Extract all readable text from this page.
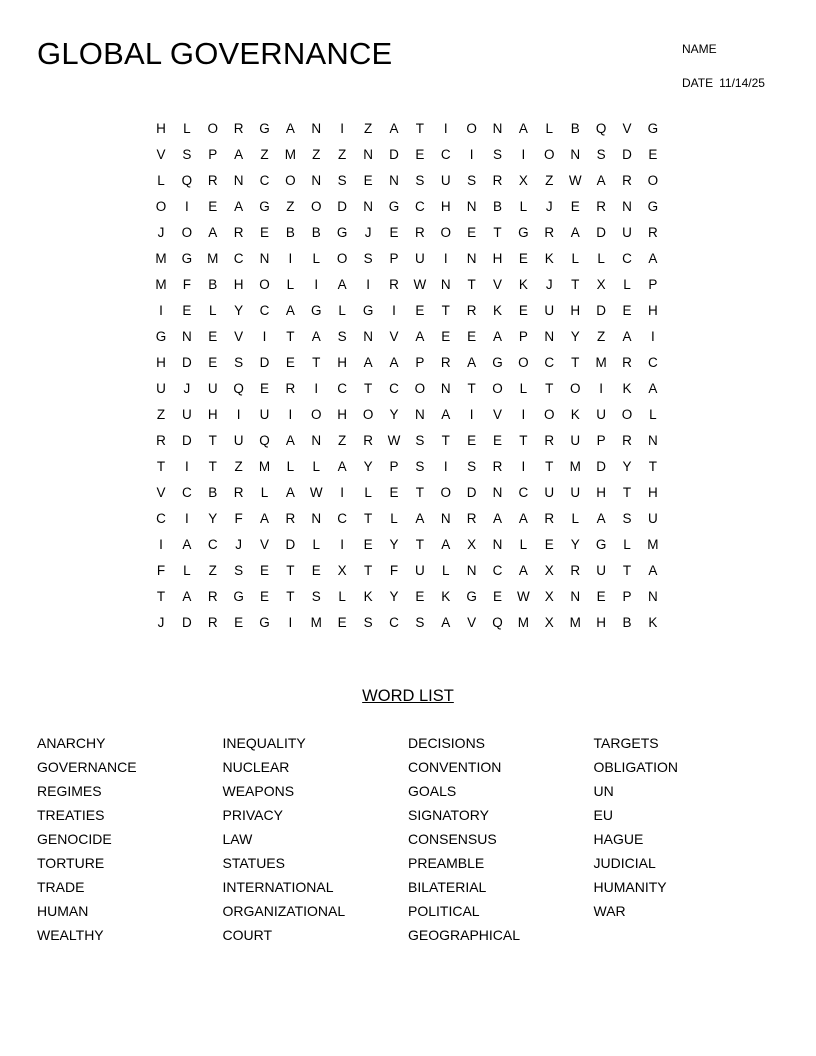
GLOBAL GOVERNANCE	NAME
DATE 11/14/25
H	L	O	R	G	A	N	I	Z	A	T	I	O	N	A	L	B	Q	V	G
V	S	P	A	Z	M	Z	Z	N	D	E	C	I	S	I	O	N	S	D	E
L	Q	R	N	C	O	N	S	E	N	S	U	S	R	X	Z	W	A	R	O
O	I	E	A	G	Z	O	D	N	G	C	H	N	B	L	J	E	R	N	G
J	O	A	R	E	B	B	G	J	E	R	O	E	T	G	R	A	D	U	R
M	G	M	C	N	I	L	O	S	P	U	I	N	H	E	K	L	L	C	A
M	F	B	H	O	L	I	A	I	R	W	N	T	V	K	J	T	X	L	P
I	E	L	Y	C	A	G	L	G	I	E	T	R	K	E	U	H	D	E	H
G	N	E	V	I	T	A	S	N	V	A	E	E	A	P	N	Y	Z	A	I
H	D	E	S	D	E	T	H	A	A	P	R	A	G	O	C	T	M	R	C
U	J	U	Q	E	R	I	C	T	C	O	N	T	O	L	T	O	I	K	A
Z	U	H	I	U	I	O	H	O	Y	N	A	I	V	I	O	K	U	O	L
R	D	T	U	Q	A	N	Z	R	W	S	T	E	E	T	R	U	P	R	N
T	I	T	Z	M	L	L	A	Y	P	S	I	S	R	I	T	M	D	Y	T
V	C	B	R	L	A	W	I	L	E	T	O	D	N	C	U	U	H	T	H
C	I	Y	F	A	R	N	C	T	L	A	N	R	A	A	R	L	A	S	U
I	A	C	J	V	D	L	I	E	Y	T	A	X	N	L	E	Y	G	L	M
F	L	Z	S	E	T	E	X	T	F	U	L	N	C	A	X	R	U	T	A
T	A	R	G	E	T	S	L	K	Y	E	K	G	E	W	X	N	E	P	N
J	D	R	E	G	I	M	E	S	C	S	A	V	Q	M	X	M	H	B	K
WORD LIST
ANARCHY
GOVERNANCE
REGIMES
TREATIES
GENOCIDE
TORTURE
TRADE
HUMAN
WEALTHY
INEQUALITY
NUCLEAR
WEAPONS
PRIVACY
LAW
STATUES
INTERNATIONAL
ORGANIZATIONAL
COURT
DECISIONS
CONVENTION
GOALS
SIGNATORY
CONSENSUS
PREAMBLE
BILATERIAL
POLITICAL
GEOGRAPHICAL
TARGETS
OBLIGATION
UN
EU
HAGUE
JUDICIAL
HUMANITY
WAR
